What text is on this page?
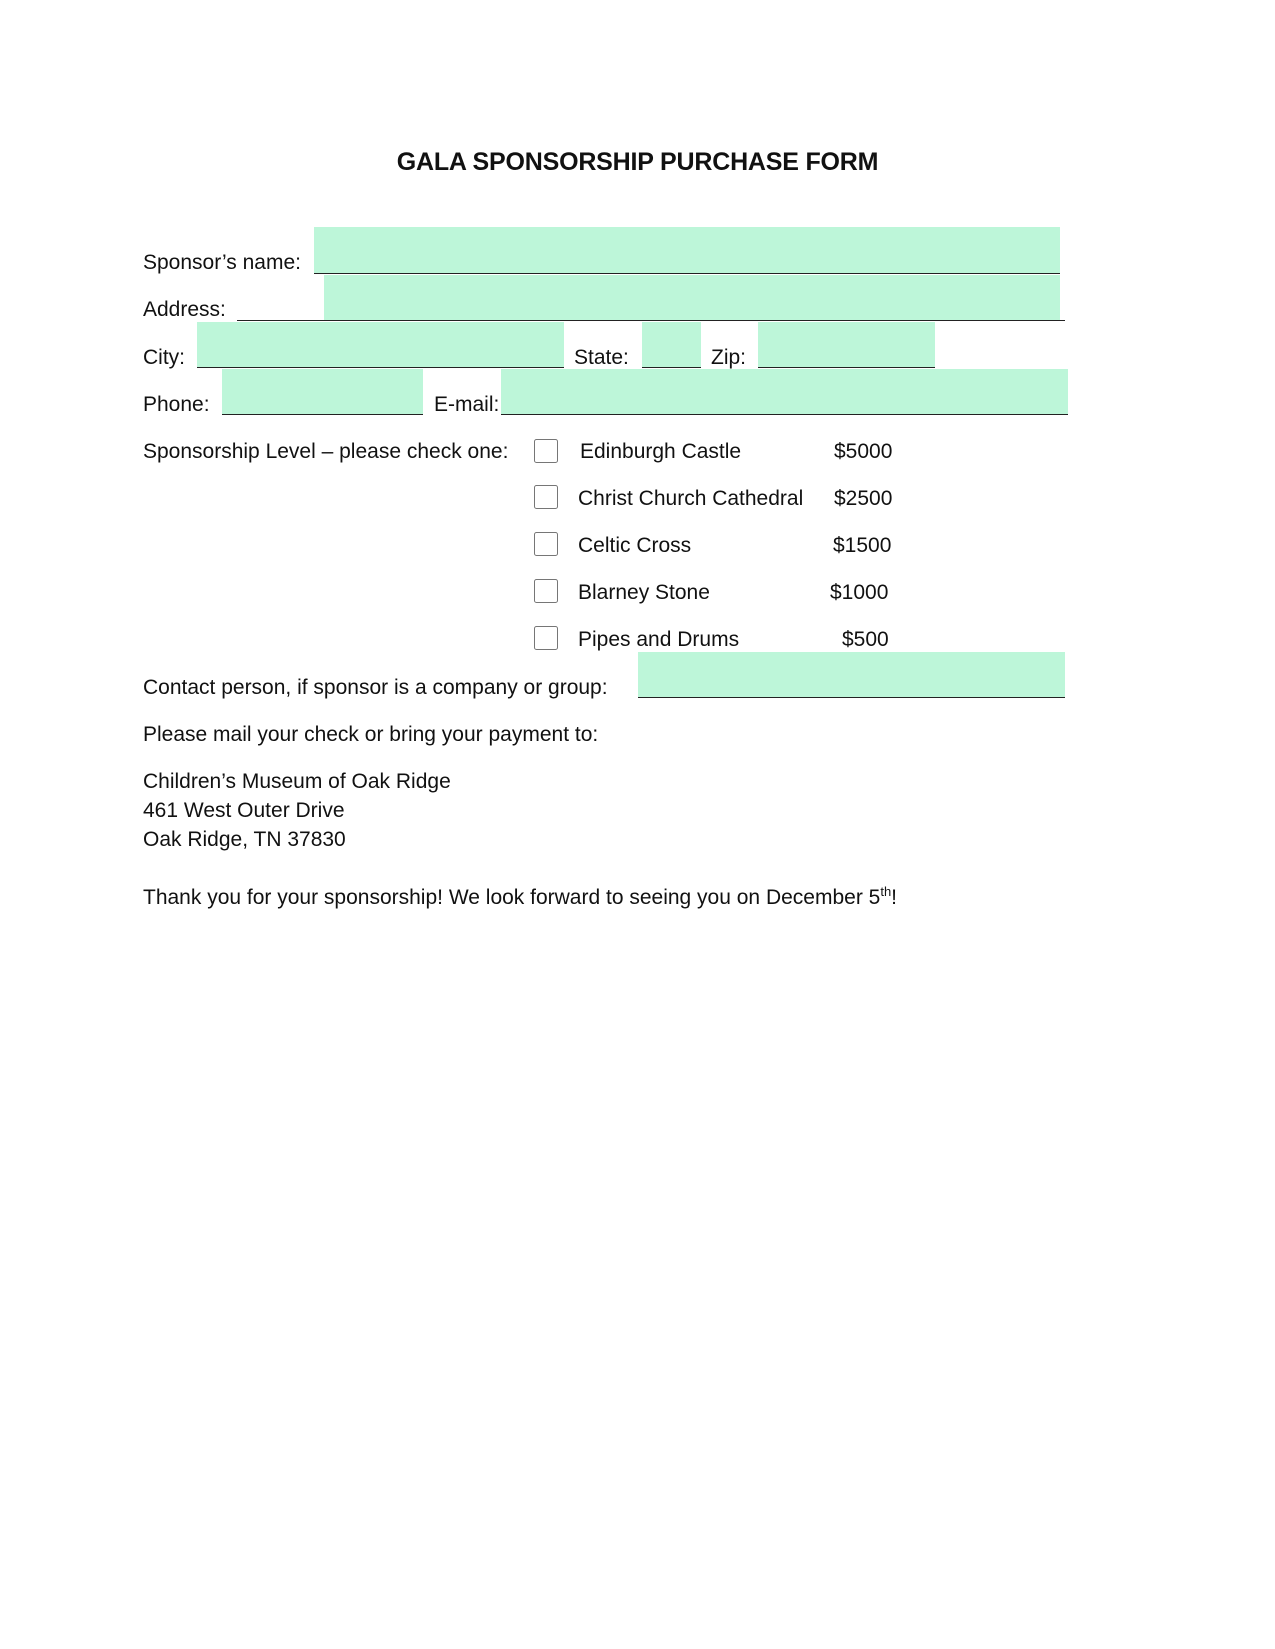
GALA SPONSORSHIP PURCHASE FORM
Sponsor’s name:
Address:
City:	State:	Zip:
Phone:	E-mail:
Sponsorship Level – please check one:	Edinburgh Castle	$5000
Christ Church Cathedral $2500
Celtic Cross	$1500
Blarney Stone	$1000
Pipes and Drums	$500
Contact person, if sponsor is a company or group:
Please mail your check or bring your payment to:
Children’s Museum of Oak Ridge
461 West Outer Drive
Oak Ridge, TN 37830
Thank you for your sponsorship! We look forward to seeing you on December 5th!
